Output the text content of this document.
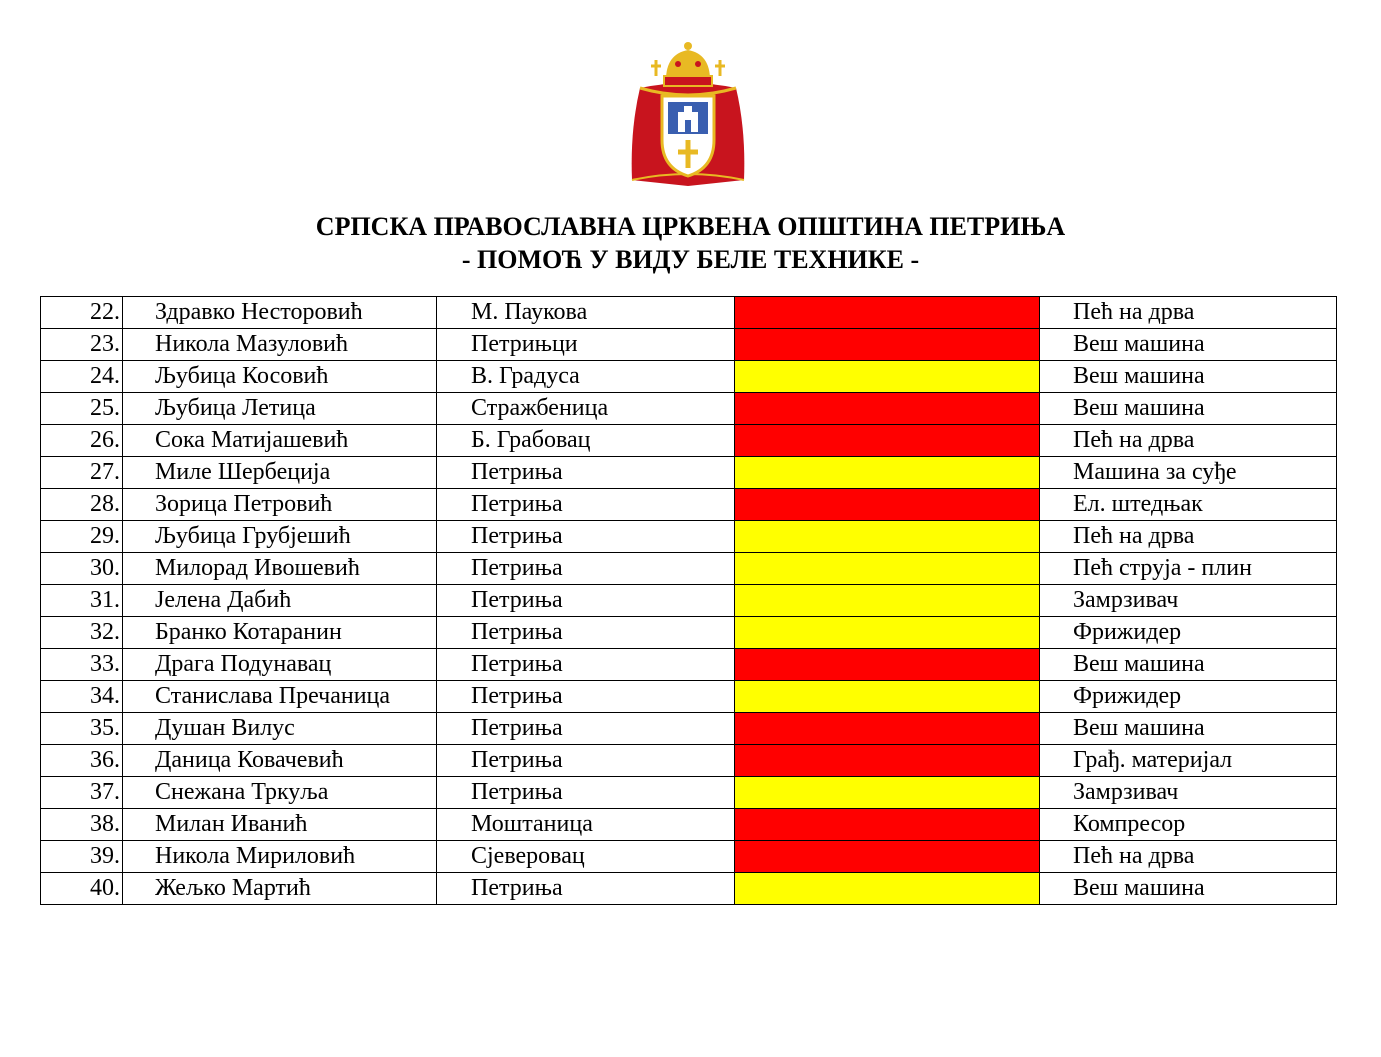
СРПСКА ПРАВОСЛАВНА ЦРКВЕНА ОПШТИНА ПЕТРИЊА
- ПОМОЋ У ВИДУ БЕЛЕ ТЕХНИКЕ -
22.	Здравко Несторовић	М. Паукова		Пећ на дрва
23.	Никола Мазуловић	Петрињци		Веш машина
24.	Љубица Косовић	В. Градуса		Веш машина
25.	Љубица Летица	Стражбеница		Веш машина
26.	Сока Матијашевић	Б. Грабовац		Пећ на дрва
27.	Миле Шербеција	Петриња		Машина за суђе
28.	Зорица Петровић	Петриња		Ел. штедњак
29.	Љубица Грубјешић	Петриња		Пећ на дрва
30.	Милорад Ивошевић	Петриња		Пећ струја - плин
31.	Јелена Дабић	Петриња		Замрзивач
32.	Бранко Котаранин	Петриња		Фрижидер
33.	Драга Подунавац	Петриња		Веш машина
34.	Станислава Пречаница	Петриња		Фрижидер
35.	Душан Вилус	Петриња		Веш машина
36.	Даница Ковачевић	Петриња		Грађ. материјал
37.	Снежана Тркуља	Петриња		Замрзивач
38.	Милан Иванић	Моштаница		Компресор
39.	Никола Мириловић	Сјеверовац		Пећ на дрва
40.	Жељко Мартић	Петриња		Веш машина
